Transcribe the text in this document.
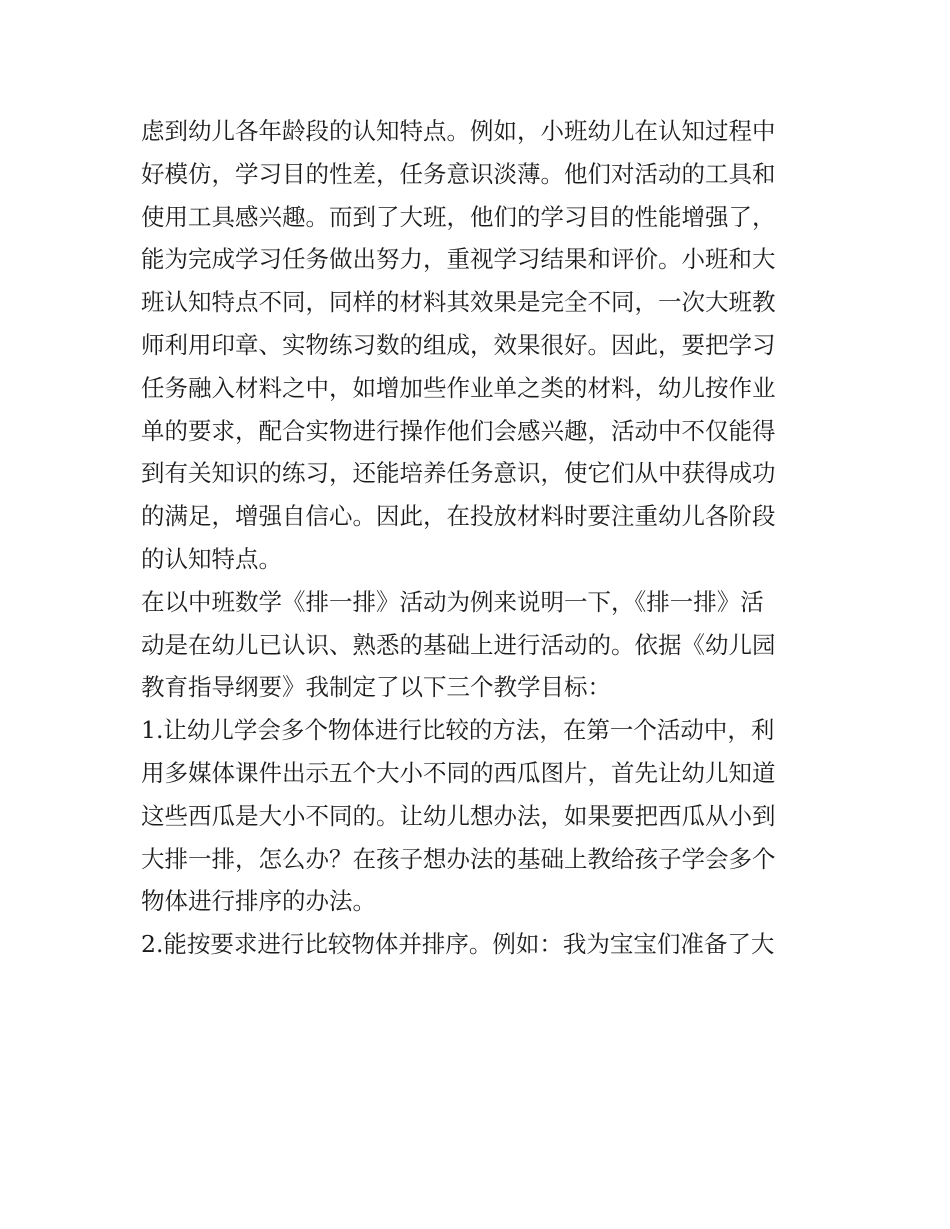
虑到幼儿各年龄段的认知特点。例如，小班幼儿在认知过程中
好模仿，学习目的性差，任务意识淡薄。他们对活动的工具和
使用工具感兴趣。而到了大班，他们的学习目的性能增强了，
能为完成学习任务做出努力，重视学习结果和评价。小班和大
班认知特点不同，同样的材料其效果是完全不同，一次大班教
师利用印章、实物练习数的组成，效果很好。因此，要把学习
任务融入材料之中，如增加些作业单之类的材料，幼儿按作业
单的要求，配合实物进行操作他们会感兴趣，活动中不仅能得
到有关知识的练习，还能培养任务意识，使它们从中获得成功
的满足，增强自信心。因此，在投放材料时要注重幼儿各阶段
的认知特点。
在以中班数学《排一排》活动为例来说明一下，《排一排》活
动是在幼儿已认识、熟悉的基础上进行活动的。依据《幼儿园
教育指导纲要》我制定了以下三个教学目标：
1.让幼儿学会多个物体进行比较的方法，在第一个活动中，利
用多媒体课件出示五个大小不同的西瓜图片，首先让幼儿知道
这些西瓜是大小不同的。让幼儿想办法，如果要把西瓜从小到
大排一排，怎么办？在孩子想办法的基础上教给孩子学会多个
物体进行排序的办法。
2.能按要求进行比较物体并排序。例如：我为宝宝们准备了大
